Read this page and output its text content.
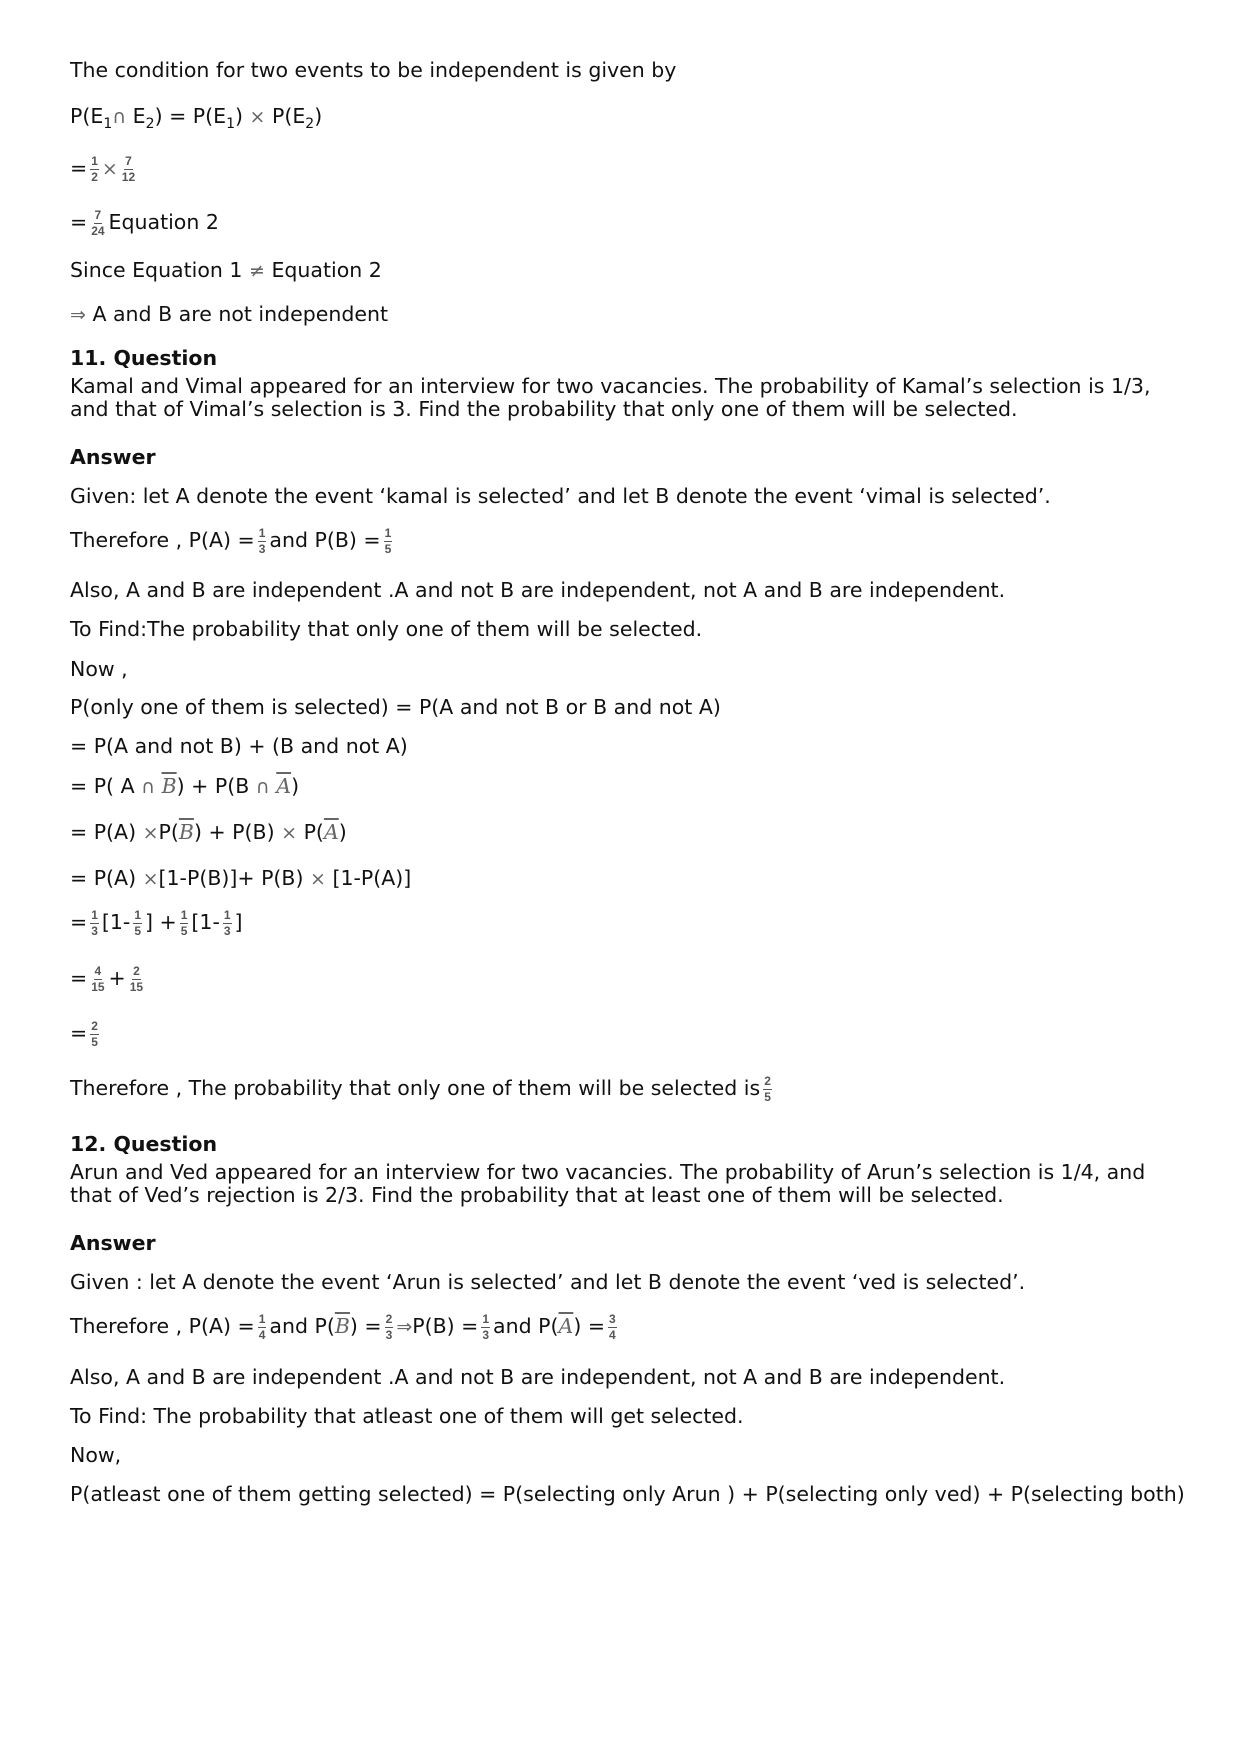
The condition for two events to be independent is given by
$P(E_1\cap$ $E_2) = P(E_1) \times P(E_2)$
= $\frac{1}{2} \times \frac{7}{12}$
= $\frac{7}{24}$ Equation 2
Since Equation 1 ≠ Equation 2
⇒ A and B are not independent
11. Question
Kamal and Vimal appeared for an interview for two vacancies. The probability of Kamal’s selection is 1/3, and that of Vimal’s selection is 3. Find the probability that only one of them will be selected.
Answer
Given: let A denote the event ‘kamal is selected’ and let B denote the event ‘vimal is selected’.
Therefore , $P(A) = \frac{1}{3}$ and $P(B) = \frac{1}{5}$
Also, A and B are independent .A and not B are independent, not A and B are independent.
To Find:The probability that only one of them will be selected.
Now ,
P(only one of them is selected) = P(A and not B or B and not A)
= P(A and not B) + (B and not A)
= P( A ∩ $\overline{B}) + P(B$ ∩ $\overline{A}$)
= $P(A) \times P(\overline{B}) + P(B) \times P(\overline{A})$
= P(A) ×[1-P(B)]+ P(B) × [1-P(A)]
= $\frac{1}{3} [1- \frac{1}{5}$ ] + $\frac{1}{5} [1- \frac{1}{3}$ ]
= $\frac{4}{15} + \frac{2}{15}$
= $\frac{2}{5}$
Therefore , The probability that only one of them will be selected is $\frac{2}{5}$
12. Question
Arun and Ved appeared for an interview for two vacancies. The probability of Arun’s selection is 1/4, and that of Ved’s rejection is 2/3. Find the probability that at least one of them will be selected.
Answer
Given : let A denote the event ‘Arun is selected’ and let B denote the event ‘ved is selected’.
Therefore , $P(A) = \frac{1}{4}$ and $P(\overline{B}) = \frac{2}{3}$ ⇒P(B) = $\frac{1}{3}$ and $P(\overline{A}) = \frac{3}{4}$
Also, A and B are independent .A and not B are independent, not A and B are independent.
To Find: The probability that atleast one of them will get selected.
Now,
P(atleast one of them getting selected) = P(selecting only Arun ) + P(selecting only ved) + P(selecting both)
